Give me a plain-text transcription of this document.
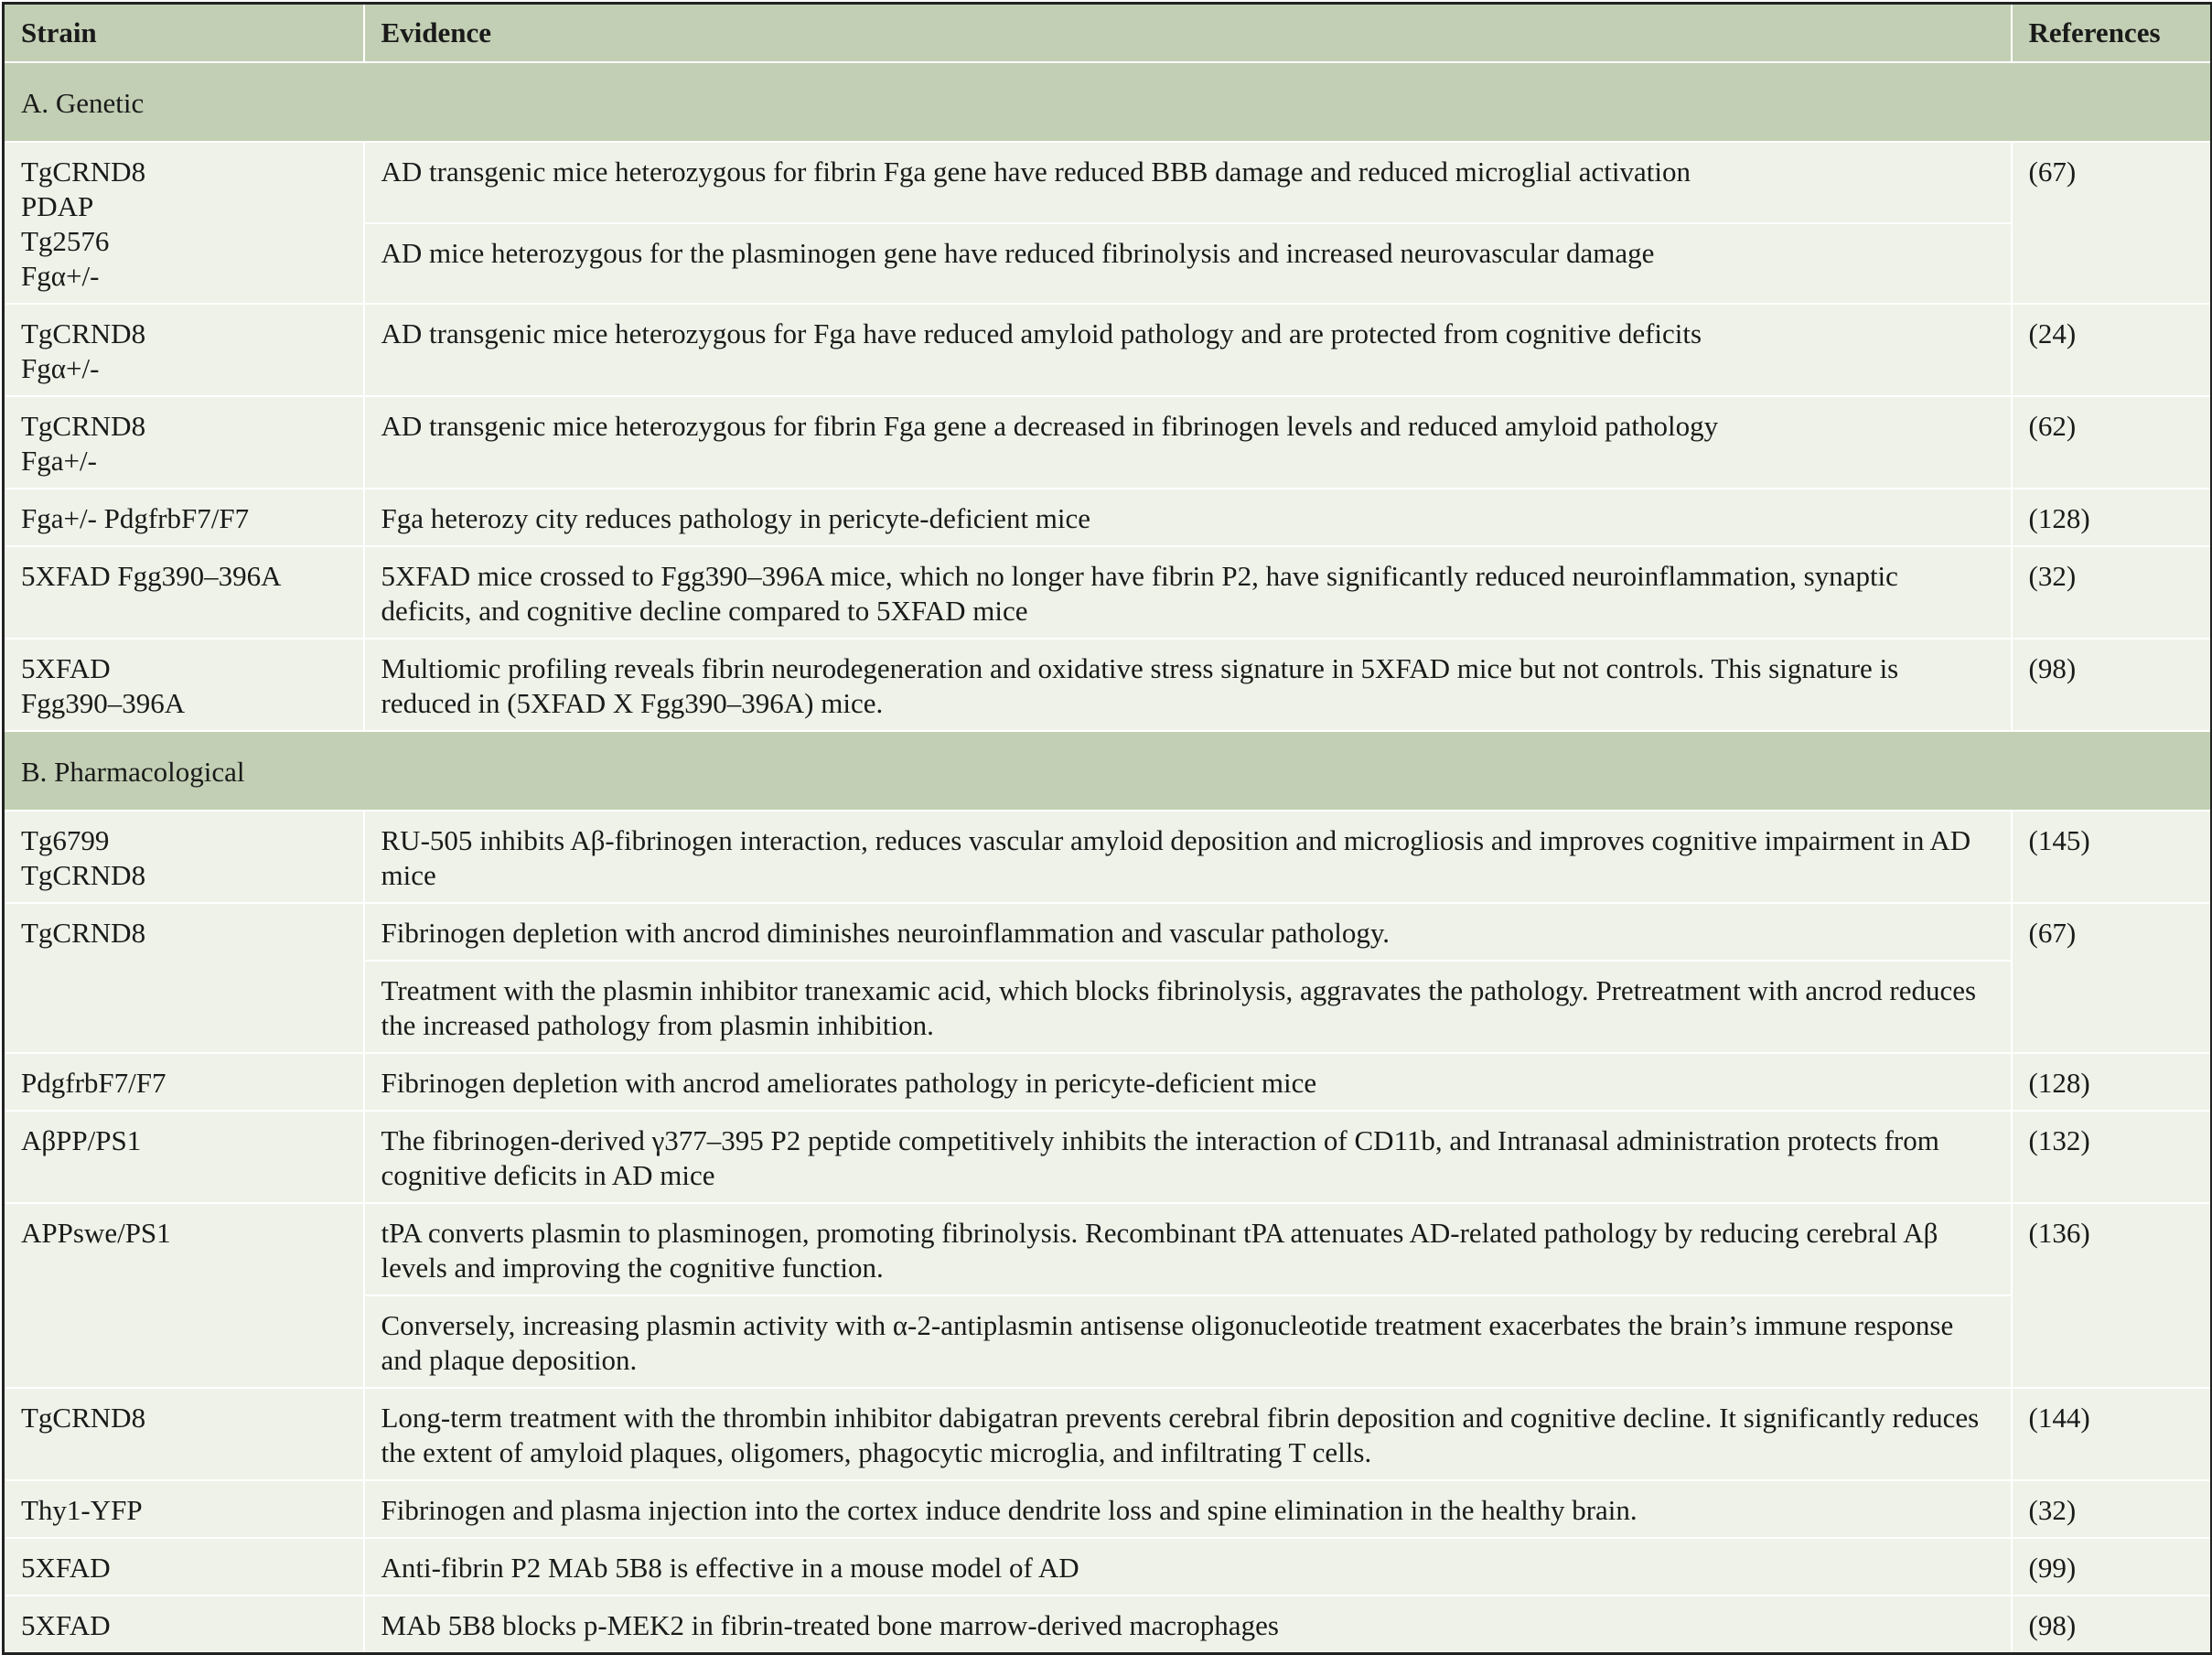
Strain	Evidence	References
A. Genetic		

TgCRND8
PDAP
Tg2576
Fgα+/-	AD transgenic mice heterozygous for fibrin Fga gene have reduced BBB damage and reduced microglial activation	(67)
	AD mice heterozygous for the plasminogen gene have reduced fibrinolysis and increased neurovascular damage	

TgCRND8
Fgα+/-	AD transgenic mice heterozygous for Fga have reduced amyloid pathology and are protected from cognitive deficits	(24)

TgCRND8
Fga+/-	AD transgenic mice heterozygous for fibrin Fga gene a decreased in fibrinogen levels and reduced amyloid pathology	(62)

Fga+/- PdgfrbF7/F7	Fga heterozy city reduces pathology in pericyte-deficient mice	(128)

5XFAD Fgg390–396A	5XFAD mice crossed to Fgg390–396A mice, which no longer have fibrin P2, have significantly reduced neuroinflammation, synaptic deficits, and cognitive decline compared to 5XFAD mice	(32)

5XFAD
Fgg390–396A	Multiomic profiling reveals fibrin neurodegeneration and oxidative stress signature in 5XFAD mice but not controls. This signature is reduced in (5XFAD X Fgg390–396A) mice.	(98)
B. Pharmacological		

Tg6799
TgCRND8	RU-505 inhibits Aβ-fibrinogen interaction, reduces vascular amyloid deposition and microgliosis and improves cognitive impairment in AD mice	(145)

TgCRND8	Fibrinogen depletion with ancrod diminishes neuroinflammation and vascular pathology.	(67)
	Treatment with the plasmin inhibitor tranexamic acid, which blocks fibrinolysis, aggravates the pathology. Pretreatment with ancrod reduces the increased pathology from plasmin inhibition.	

PdgfrbF7/F7	Fibrinogen depletion with ancrod ameliorates pathology in pericyte-deficient mice	(128)

AβPP/PS1	The fibrinogen-derived γ377–395 P2 peptide competitively inhibits the interaction of CD11b, and Intranasal administration protects from cognitive deficits in AD mice	(132)

APPswe/PS1	tPA converts plasmin to plasminogen, promoting fibrinolysis. Recombinant tPA attenuates AD-related pathology by reducing cerebral Aβ levels and improving the cognitive function.	(136)
	Conversely, increasing plasmin activity with α-2-antiplasmin antisense oligonucleotide treatment exacerbates the brain’s immune response and plaque deposition.	

TgCRND8	Long-term treatment with the thrombin inhibitor dabigatran prevents cerebral fibrin deposition and cognitive decline. It significantly reduces the extent of amyloid plaques, oligomers, phagocytic microglia, and infiltrating T cells.	(144)

Thy1-YFP	Fibrinogen and plasma injection into the cortex induce dendrite loss and spine elimination in the healthy brain.	(32)

5XFAD	Anti-fibrin P2 MAb 5B8 is effective in a mouse model of AD	(99)

5XFAD	MAb 5B8 blocks p-MEK2 in fibrin-treated bone marrow-derived macrophages	(98)
